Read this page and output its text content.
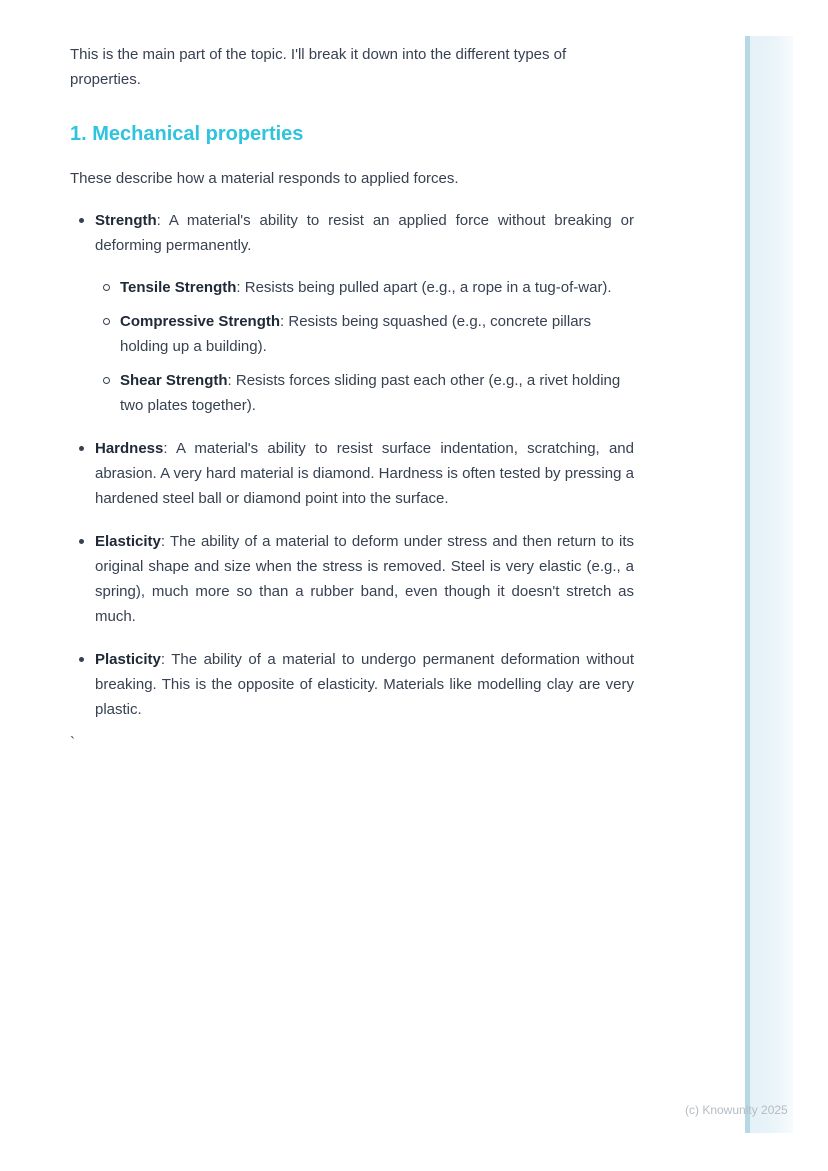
This is the main part of the topic. I'll break it down into the different types of properties.

1. Mechanical properties

These describe how a material responds to applied forces.

Strength: A material's ability to resist an applied force without breaking or deforming permanently.
Tensile Strength: Resists being pulled apart (e.g., a rope in a tug-of-war).
Compressive Strength: Resists being squashed (e.g., concrete pillars holding up a building).
Shear Strength: Resists forces sliding past each other (e.g., a rivet holding two plates together).
Hardness: A material's ability to resist surface indentation, scratching, and abrasion. A very hard material is diamond. Hardness is often tested by pressing a hardened steel ball or diamond point into the surface.
Elasticity: The ability of a material to deform under stress and then return to its original shape and size when the stress is removed. Steel is very elastic (e.g., a spring), much more so than a rubber band, even though it doesn't stretch as much.
Plasticity: The ability of a material to undergo permanent deformation without breaking. This is the opposite of elasticity. Materials like modelling clay are very plastic.

`

(c) Knowunity 2025
